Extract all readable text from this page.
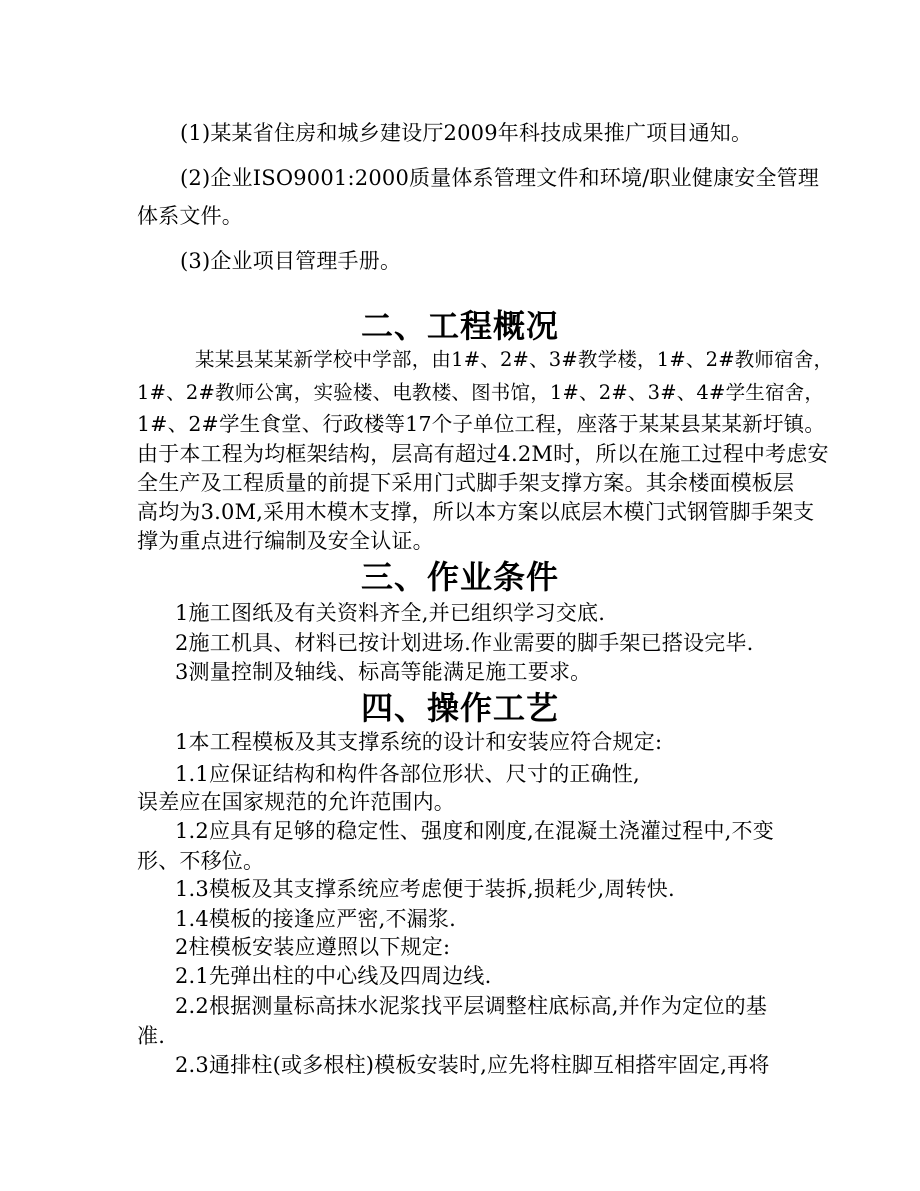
(1)某某省住房和城乡建设厅2009年科技成果推广项目通知。
(2)企业ISO9001:2000质量体系管理文件和环境/职业健康安全管理
体系文件。
(3)企业项目管理手册。
二、工程概况
某某县某某新学校中学部，由1#、2#、3#教学楼，1#、2#教师宿舍，
1#、2#教师公寓，实验楼、电教楼、图书馆，1#、2#、3#、4#学生宿舍，
1#、2#学生食堂、行政楼等17个子单位工程，座落于某某县某某新圩镇。
由于本工程为均框架结构，层高有超过4.2M时，所以在施工过程中考虑安
全生产及工程质量的前提下采用门式脚手架支撑方案。其余楼面模板层
高均为3.0M,采用木模木支撑，所以本方案以底层木模门式钢管脚手架支
撑为重点进行编制及安全认证。
三、作业条件
1施工图纸及有关资料齐全,并已组织学习交底.
2施工机具、材料已按计划进场.作业需要的脚手架已搭设完毕.
3测量控制及轴线、标高等能满足施工要求。
四、操作工艺
1本工程模板及其支撑系统的设计和安装应符合规定:
1.1应保证结构和构件各部位形状、尺寸的正确性,
误差应在国家规范的允许范围内。
1.2应具有足够的稳定性、强度和刚度,在混凝土浇灌过程中,不变
形、不移位。
1.3模板及其支撑系统应考虑便于装拆,损耗少,周转快.
1.4模板的接逢应严密,不漏浆.
2柱模板安装应遵照以下规定:
2.1先弹出柱的中心线及四周边线.
2.2根据测量标高抹水泥浆找平层调整柱底标高,并作为定位的基
准.
2.3通排柱(或多根柱)模板安装时,应先将柱脚互相搭牢固定,再将
